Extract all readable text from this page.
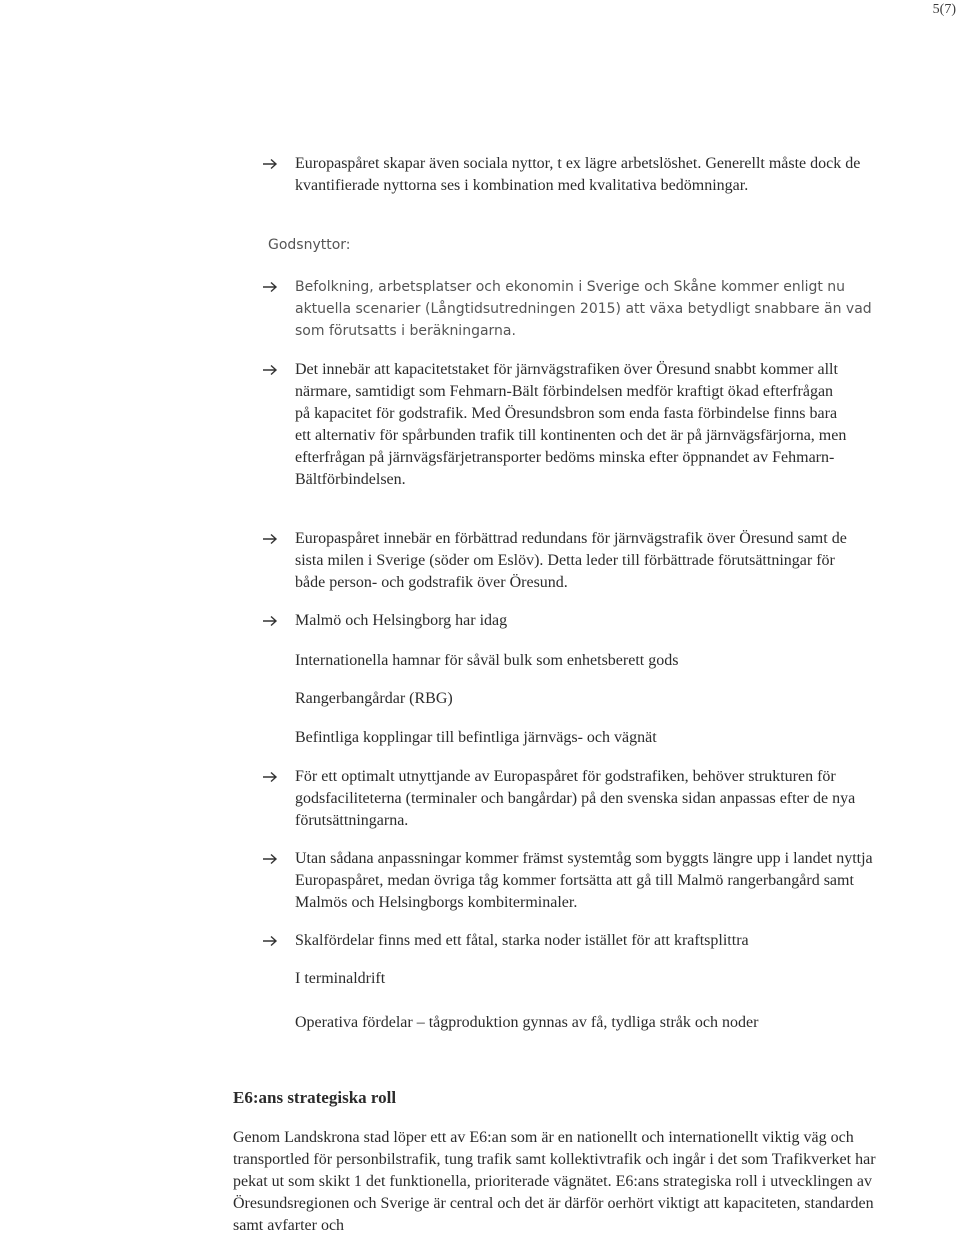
5(7)
Europaspåret skapar även sociala nyttor, t ex lägre arbetslöshet. Generellt måste dock de kvantifierade nyttorna ses i kombination med kvalitativa bedömningar.
Godsnyttor:
Befolkning, arbetsplatser och ekonomin i Sverige och Skåne kommer enligt nu aktuella scenarier (Långtidsutredningen 2015) att växa betydligt snabbare än vad som förutsatts i beräkningarna.
Det innebär att kapacitetstaket för järnvägstrafiken över Öresund snabbt kommer allt närmare, samtidigt som Fehmarn-Bält förbindelsen medför kraftigt ökad efterfrågan på kapacitet för godstrafik. Med Öresundsbron som enda fasta förbindelse finns bara ett alternativ för spårbunden trafik till kontinenten och det är på järnvägsfärjorna, men efterfrågan på järnvägsfärjetransporter bedöms minska efter öppnandet av Fehmarn-Bältförbindelsen.
Europaspåret innebär en förbättrad redundans för järnvägstrafik över Öresund samt de sista milen i Sverige (söder om Eslöv). Detta leder till förbättrade förutsättningar för både person- och godstrafik över Öresund.
Malmö och Helsingborg har idag
Internationella hamnar för såväl bulk som enhetsberett gods
Rangerbangårdar (RBG)
Befintliga kopplingar till befintliga järnvägs- och vägnät
För ett optimalt utnyttjande av Europaspåret för godstrafiken, behöver strukturen för godsfaciliteterna (terminaler och bangårdar) på den svenska sidan anpassas efter de nya förutsättningarna.
Utan sådana anpassningar kommer främst systemtåg som byggts längre upp i landet nyttja Europaspåret, medan övriga tåg kommer fortsätta att gå till Malmö rangerbangård samt Malmös och Helsingborgs kombiterminaler.
Skalfördelar finns med ett fåtal, starka noder istället för att kraftsplittra
I terminaldrift
Operativa fördelar – tågproduktion gynnas av få, tydliga stråk och noder
E6:ans strategiska roll
Genom Landskrona stad löper ett av E6:an som är en nationellt och internationellt viktig väg och transportled för personbilstrafik, tung trafik samt kollektivtrafik och ingår i det som Trafikverket har pekat ut som skikt 1 det funktionella, prioriterade vägnätet. E6:ans strategiska roll i utvecklingen av Öresundsregionen och Sverige är central och det är därför oerhört viktigt att kapaciteten, standarden samt avfarter och
